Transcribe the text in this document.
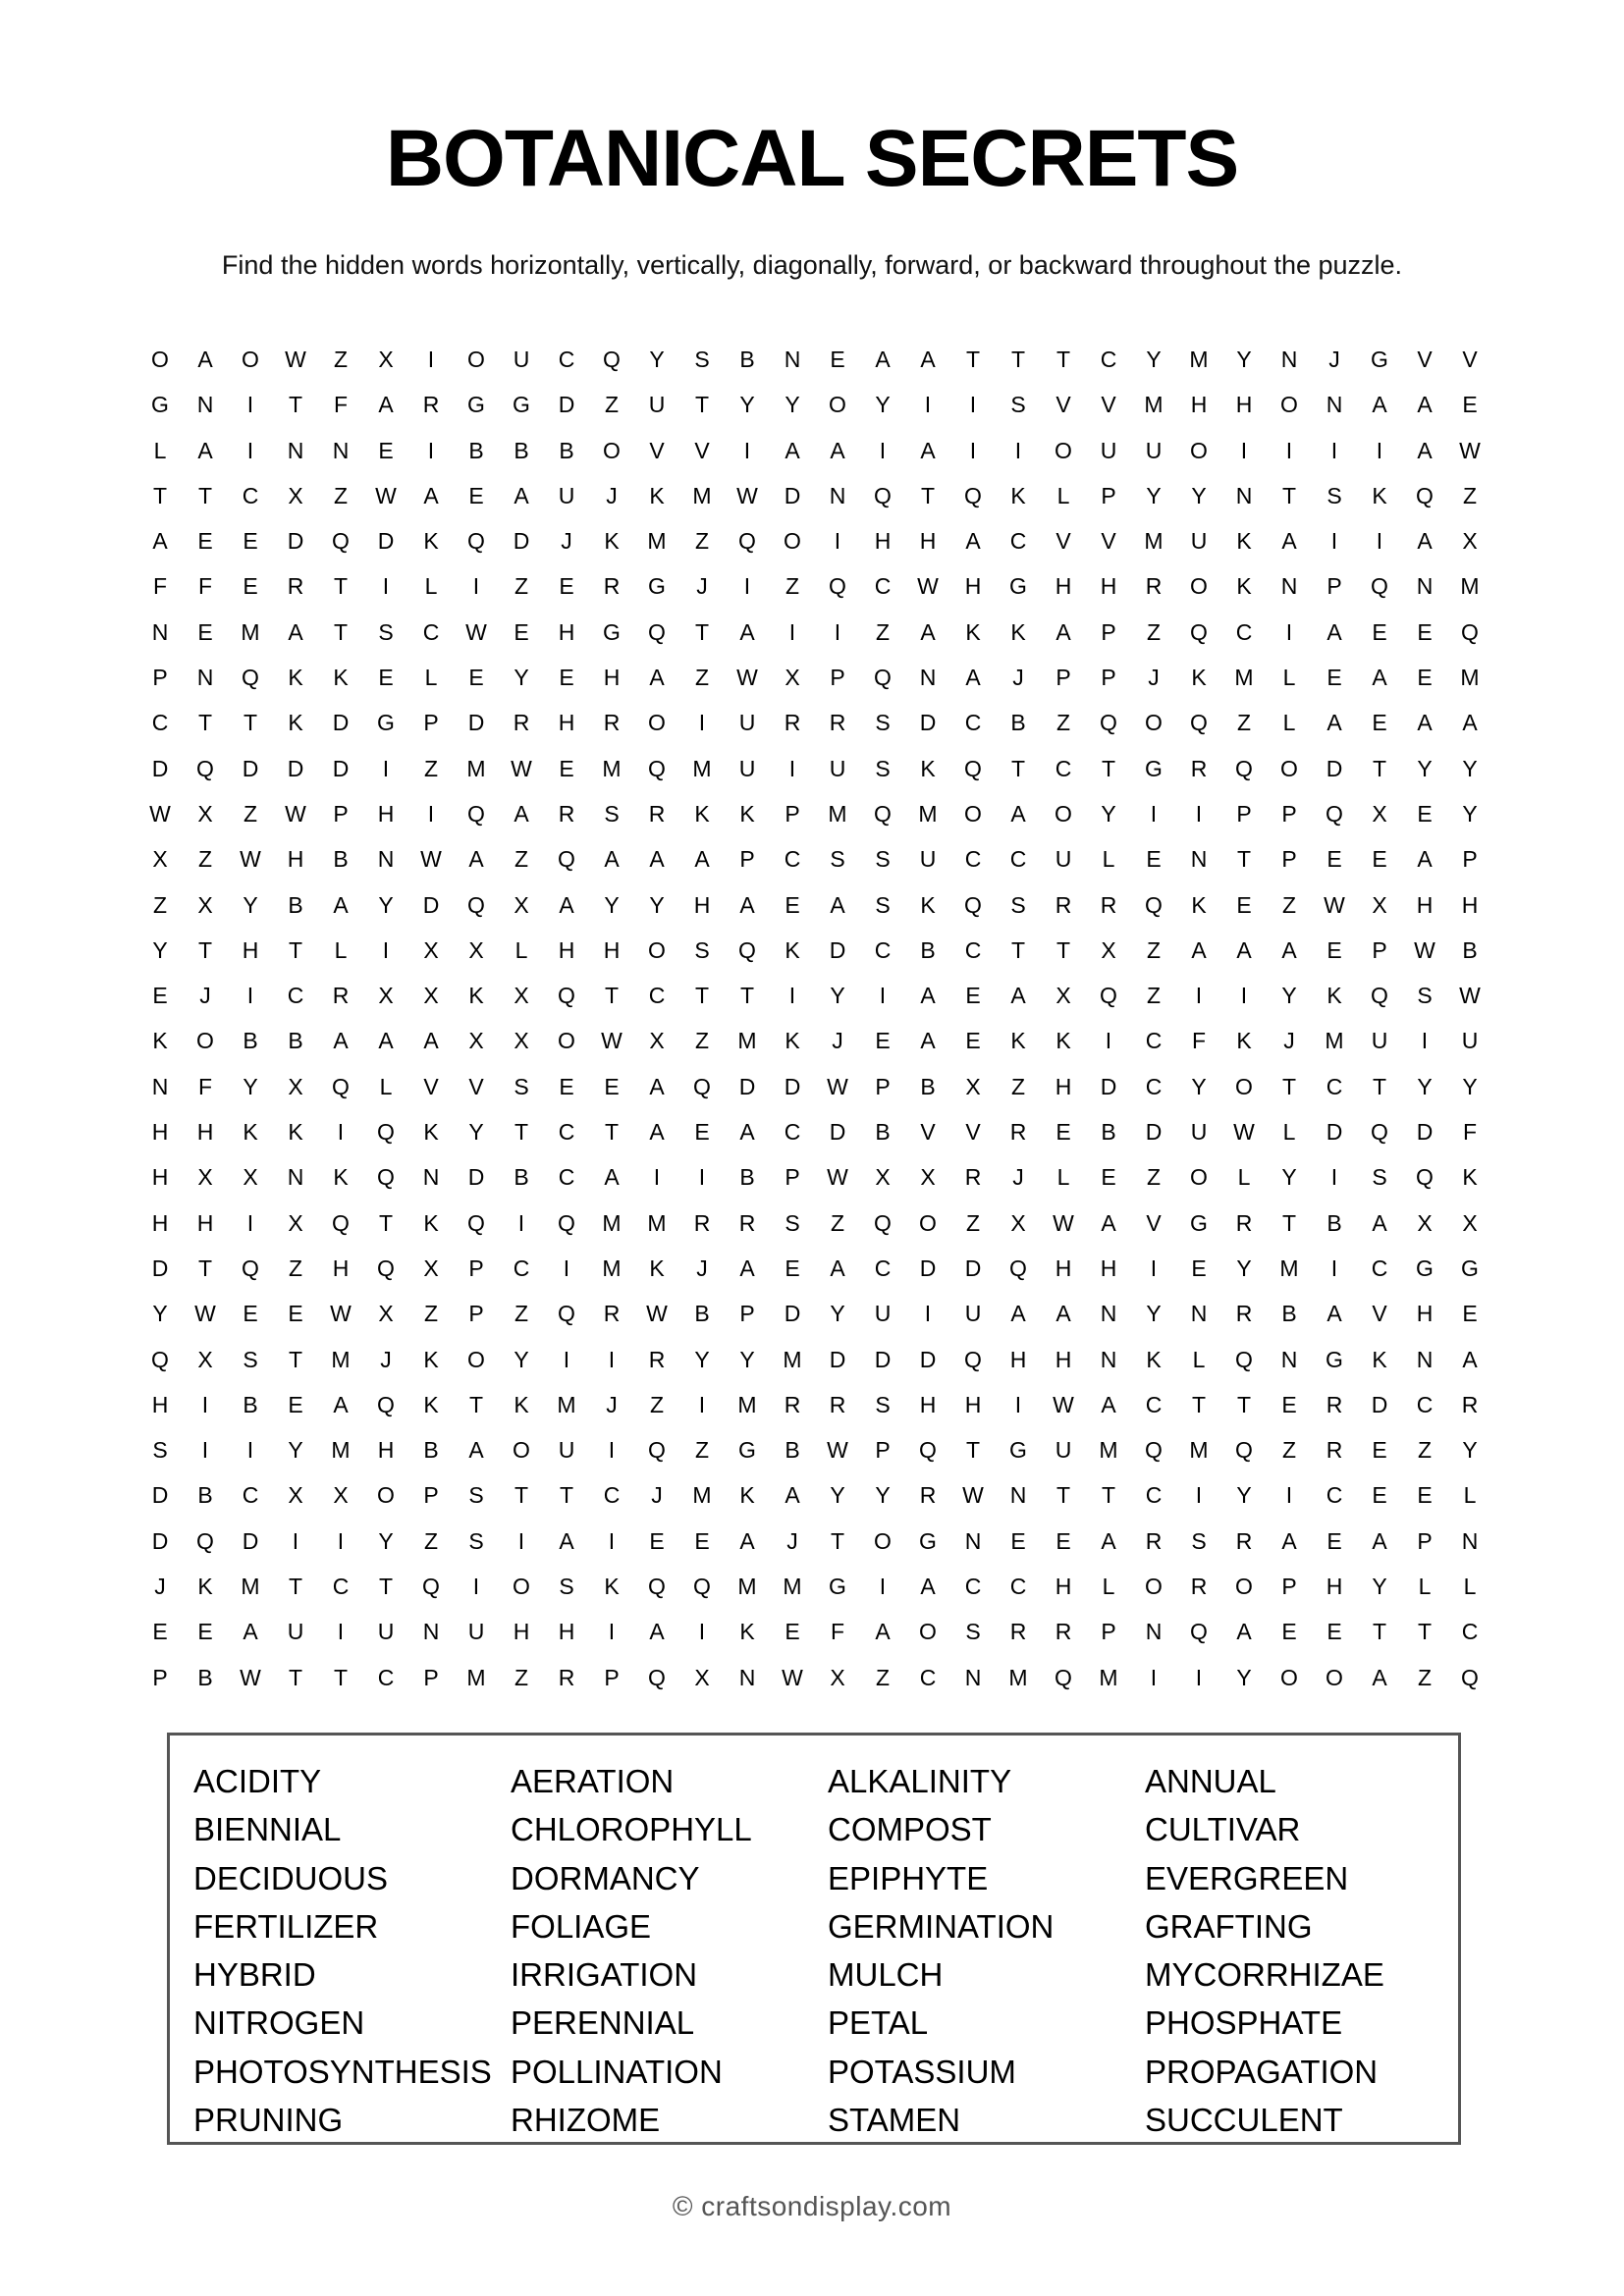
BOTANICAL SECRETS
Find the hidden words horizontally, vertically, diagonally, forward, or backward throughout the puzzle.
O	A	O	W	Z	X	I	O	U	C	Q	Y	S	B	N	E	A	A	T	T	T	C	Y	M	Y	N	J	G	V	V
G	N	I	T	F	A	R	G	G	D	Z	U	T	Y	Y	O	Y	I	I	S	V	V	M	H	H	O	N	A	A	E
L	A	I	N	N	E	I	B	B	B	O	V	V	I	A	A	I	A	I	I	O	U	U	O	I	I	I	I	A	W
T	T	C	X	Z	W	A	E	A	U	J	K	M	W	D	N	Q	T	Q	K	L	P	Y	Y	N	T	S	K	Q	Z
A	E	E	D	Q	D	K	Q	D	J	K	M	Z	Q	O	I	H	H	A	C	V	V	M	U	K	A	I	I	A	X
F	F	E	R	T	I	L	I	Z	E	R	G	J	I	Z	Q	C	W	H	G	H	H	R	O	K	N	P	Q	N	M
N	E	M	A	T	S	C	W	E	H	G	Q	T	A	I	I	Z	A	K	K	A	P	Z	Q	C	I	A	E	E	Q
P	N	Q	K	K	E	L	E	Y	E	H	A	Z	W	X	P	Q	N	A	J	P	P	J	K	M	L	E	A	E	M
C	T	T	K	D	G	P	D	R	H	R	O	I	U	R	R	S	D	C	B	Z	Q	O	Q	Z	L	A	E	A	A
D	Q	D	D	D	I	Z	M	W	E	M	Q	M	U	I	U	S	K	Q	T	C	T	G	R	Q	O	D	T	Y	Y
W	X	Z	W	P	H	I	Q	A	R	S	R	K	K	P	M	Q	M	O	A	O	Y	I	I	P	P	Q	X	E	Y
X	Z	W	H	B	N	W	A	Z	Q	A	A	A	P	C	S	S	U	C	C	U	L	E	N	T	P	E	E	A	P
Z	X	Y	B	A	Y	D	Q	X	A	Y	Y	H	A	E	A	S	K	Q	S	R	R	Q	K	E	Z	W	X	H	H
Y	T	H	T	L	I	X	X	L	H	H	O	S	Q	K	D	C	B	C	T	T	X	Z	A	A	A	E	P	W	B
E	J	I	C	R	X	X	K	X	Q	T	C	T	T	I	Y	I	A	E	A	X	Q	Z	I	I	Y	K	Q	S	W
K	O	B	B	A	A	A	X	X	O	W	X	Z	M	K	J	E	A	E	K	K	I	C	F	K	J	M	U	I	U
N	F	Y	X	Q	L	V	V	S	E	E	A	Q	D	D	W	P	B	X	Z	H	D	C	Y	O	T	C	T	Y	Y
H	H	K	K	I	Q	K	Y	T	C	T	A	E	A	C	D	B	V	V	R	E	B	D	U	W	L	D	Q	D	F
H	X	X	N	K	Q	N	D	B	C	A	I	I	B	P	W	X	X	R	J	L	E	Z	O	L	Y	I	S	Q	K
H	H	I	X	Q	T	K	Q	I	Q	M	M	R	R	S	Z	Q	O	Z	X	W	A	V	G	R	T	B	A	X	X
D	T	Q	Z	H	Q	X	P	C	I	M	K	J	A	E	A	C	D	D	Q	H	H	I	E	Y	M	I	C	G	G
Y	W	E	E	W	X	Z	P	Z	Q	R	W	B	P	D	Y	U	I	U	A	A	N	Y	N	R	B	A	V	H	E
Q	X	S	T	M	J	K	O	Y	I	I	R	Y	Y	M	D	D	D	Q	H	H	N	K	L	Q	N	G	K	N	A
H	I	B	E	A	Q	K	T	K	M	J	Z	I	M	R	R	S	H	H	I	W	A	C	T	T	E	R	D	C	R
S	I	I	Y	M	H	B	A	O	U	I	Q	Z	G	B	W	P	Q	T	G	U	M	Q	M	Q	Z	R	E	Z	Y
D	B	C	X	X	O	P	S	T	T	C	J	M	K	A	Y	Y	R	W	N	T	T	C	I	Y	I	C	E	E	L
D	Q	D	I	I	Y	Z	S	I	A	I	E	E	A	J	T	O	G	N	E	E	A	R	S	R	A	E	A	P	N
J	K	M	T	C	T	Q	I	O	S	K	Q	Q	M	M	G	I	A	C	C	H	L	O	R	O	P	H	Y	L	L
E	E	A	U	I	U	N	U	H	H	I	A	I	K	E	F	A	O	S	R	R	P	N	Q	A	E	E	T	T	C
P	B	W	T	T	C	P	M	Z	R	P	Q	X	N	W	X	Z	C	N	M	Q	M	I	I	Y	O	O	A	Z	Q
ACIDITY	AERATION	ALKALINITY	ANNUAL
BIENNIAL	CHLOROPHYLL	COMPOST	CULTIVAR
DECIDUOUS	DORMANCY	EPIPHYTE	EVERGREEN
FERTILIZER	FOLIAGE	GERMINATION	GRAFTING
HYBRID	IRRIGATION	MULCH	MYCORRHIZAE
NITROGEN	PERENNIAL	PETAL	PHOSPHATE
PHOTOSYNTHESIS POLLINATION	POTASSIUM	PROPAGATION
PRUNING	RHIZOME	STAMEN	SUCCULENT
© craftsondisplay.com
